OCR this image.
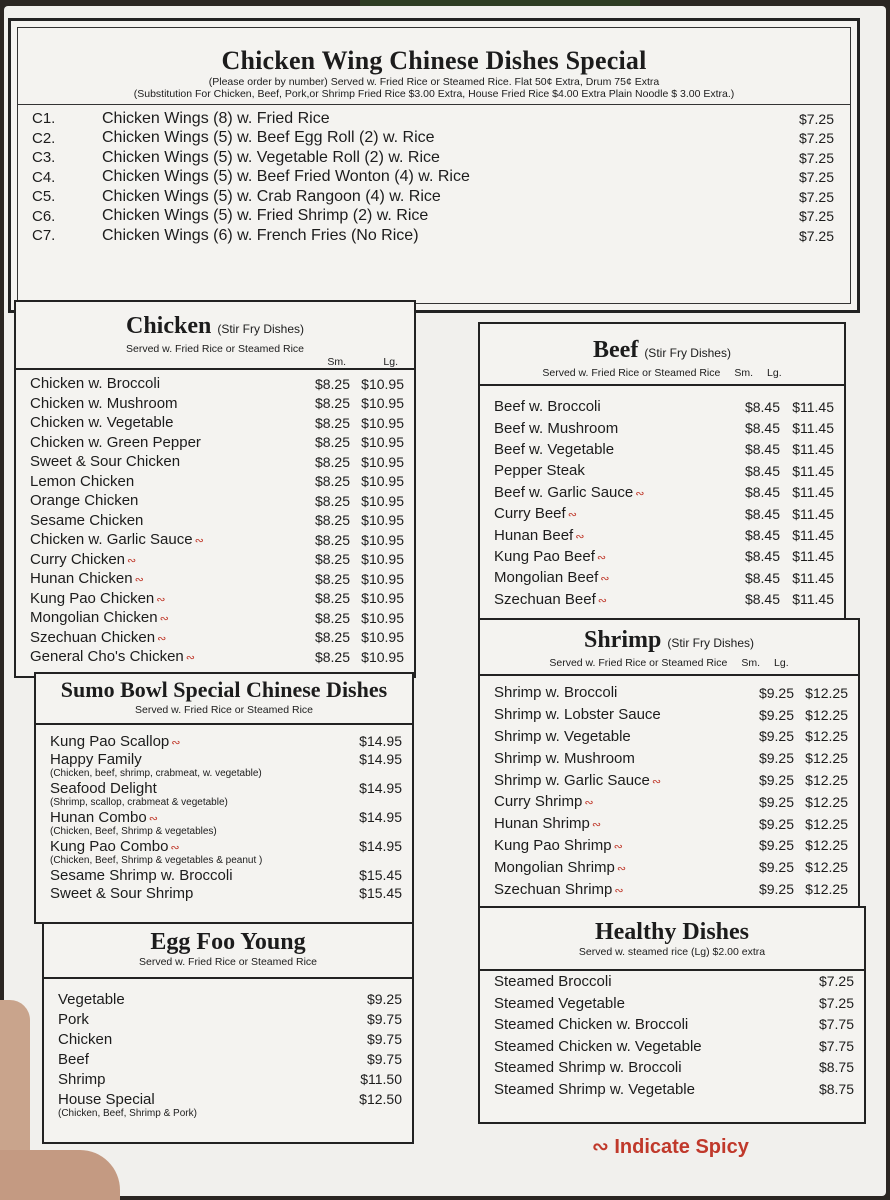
Chicken Wing Chinese Dishes Special
(Please order by number) Served w. Fried Rice or Steamed Rice. Flat 50¢ Extra, Drum 75¢ Extra
(Substitution For Chicken, Beef, Pork,or Shrimp Fried Rice $3.00 Extra, House Fried Rice $4.00 Extra Plain Noodle $ 3.00 Extra.)
C1.	Chicken Wings (8) w. Fried Rice	$7.25
C2.	Chicken Wings (5) w. Beef Egg Roll (2) w. Rice	$7.25
C3.	Chicken Wings (5) w. Vegetable Roll (2) w. Rice	$7.25
C4.	Chicken Wings (5) w. Beef Fried Wonton (4) w. Rice	$7.25
C5.	Chicken Wings (5) w. Crab Rangoon (4) w. Rice	$7.25
C6.	Chicken Wings (5) w. Fried Shrimp (2) w. Rice	$7.25
C7.	Chicken Wings (6) w. French Fries (No Rice)	$7.25
Chicken (Stir Fry Dishes)
Served w. Fried Rice or Steamed Rice
Sm.	Lg.
Chicken w. Broccoli	$8.25 $10.95
Chicken w. Mushroom	$8.25 $10.95
Chicken w. Vegetable	$8.25 $10.95
Chicken w. Green Pepper	$8.25 $10.95
Sweet & Sour Chicken	$8.25 $10.95
Lemon Chicken	$8.25 $10.95
Orange Chicken	$8.25 $10.95
Sesame Chicken	$8.25 $10.95
Chicken w. Garlic Sauce ∾	$8.25 $10.95
Curry Chicken ∾	$8.25 $10.95
Hunan Chicken ∾	$8.25 $10.95
Kung Pao Chicken ∾	$8.25 $10.95
Mongolian Chicken ∾	$8.25 $10.95
Szechuan Chicken ∾	$8.25 $10.95
General Cho's Chicken ∾	$8.25 $10.95
Sumo Bowl Special Chinese Dishes
Served w. Fried Rice or Steamed Rice
Kung Pao Scallop ∾	$14.95
Happy Family
(Chicken, beef, shrimp, crabmeat, w. vegetable)
$14.95
Seafood Delight
(Shrimp, scallop, crabmeat & vegetable)
$14.95
Hunan Combo ∾
(Chicken, Beef, Shrimp & vegetables)
$14.95
Kung Pao Combo ∾
(Chicken, Beef, Shrimp & vegetables & peanut )
$14.95
Sesame Shrimp w. Broccoli	$15.45
Sweet & Sour Shrimp	$15.45
Egg Foo Young
Served w. Fried Rice or Steamed Rice
Vegetable	$9.25
Pork	$9.75
Chicken	$9.75
Beef	$9.75
Shrimp	$11.50
House Special
(Chicken, Beef, Shrimp & Pork)
$12.50
Beef (Stir Fry Dishes)
Served w. Fried Rice or Steamed Rice Sm. Lg.
Beef w. Broccoli	$8.45 $11.45
Beef w. Mushroom	$8.45 $11.45
Beef w. Vegetable	$8.45 $11.45
Pepper Steak	$8.45 $11.45
Beef w. Garlic Sauce ∾	$8.45 $11.45
Curry Beef ∾	$8.45 $11.45
Hunan Beef ∾	$8.45 $11.45
Kung Pao Beef ∾	$8.45 $11.45
Mongolian Beef ∾	$8.45 $11.45
Szechuan Beef ∾	$8.45 $11.45
Shrimp (Stir Fry Dishes)
Served w. Fried Rice or Steamed Rice Sm. Lg.
Shrimp w. Broccoli	$9.25 $12.25
Shrimp w. Lobster Sauce	$9.25 $12.25
Shrimp w. Vegetable	$9.25 $12.25
Shrimp w. Mushroom	$9.25 $12.25
Shrimp w. Garlic Sauce ∾	$9.25 $12.25
Curry Shrimp ∾	$9.25 $12.25
Hunan Shrimp ∾	$9.25 $12.25
Kung Pao Shrimp ∾	$9.25 $12.25
Mongolian Shrimp ∾	$9.25 $12.25
Szechuan Shrimp ∾	$9.25 $12.25
Healthy Dishes
Served w. steamed rice (Lg) $2.00 extra
Steamed Broccoli	$7.25
Steamed Vegetable	$7.25
Steamed Chicken w. Broccoli	$7.75
Steamed Chicken w. Vegetable	$7.75
Steamed Shrimp w. Broccoli	$8.75
Steamed Shrimp w. Vegetable	$8.75
∾ Indicate Spicy
